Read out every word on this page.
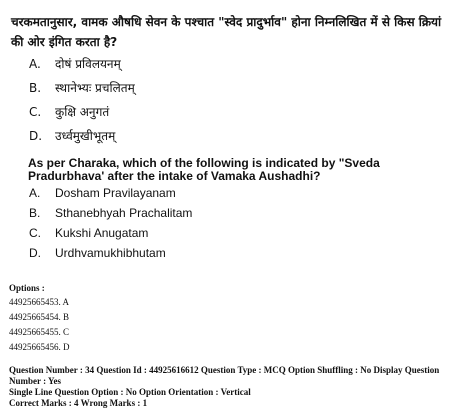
चरकमतानुसार, वामक औषधि सेवन के पश्चात "स्वेद प्रादुर्भाव" होना निम्नलिखित में से किस क्रियां की ओर इंगित करता है?
A.	दोषं प्रविलयनम्
B.	स्थानेभ्यः प्रचलितम्
C.	कुक्षि अनुगतं
D.	उर्ध्वमुखीभूतम्
As per Charaka, which of the following is indicated by "Sveda Pradurbhava' after the intake of Vamaka Aushadhi?
A.	Dosham Pravilayanam
B.	Sthanebhyah Prachalitam
C.	Kukshi Anugatam
D.	Urdhvamukhibhutam
Options :
44925665453. A
44925665454. B
44925665455. C
44925665456. D
Question Number : 34 Question Id : 44925616612 Question Type : MCQ Option Shuffling : No Display Question Number : Yes
Single Line Question Option : No Option Orientation : Vertical
Correct Marks : 4 Wrong Marks : 1
